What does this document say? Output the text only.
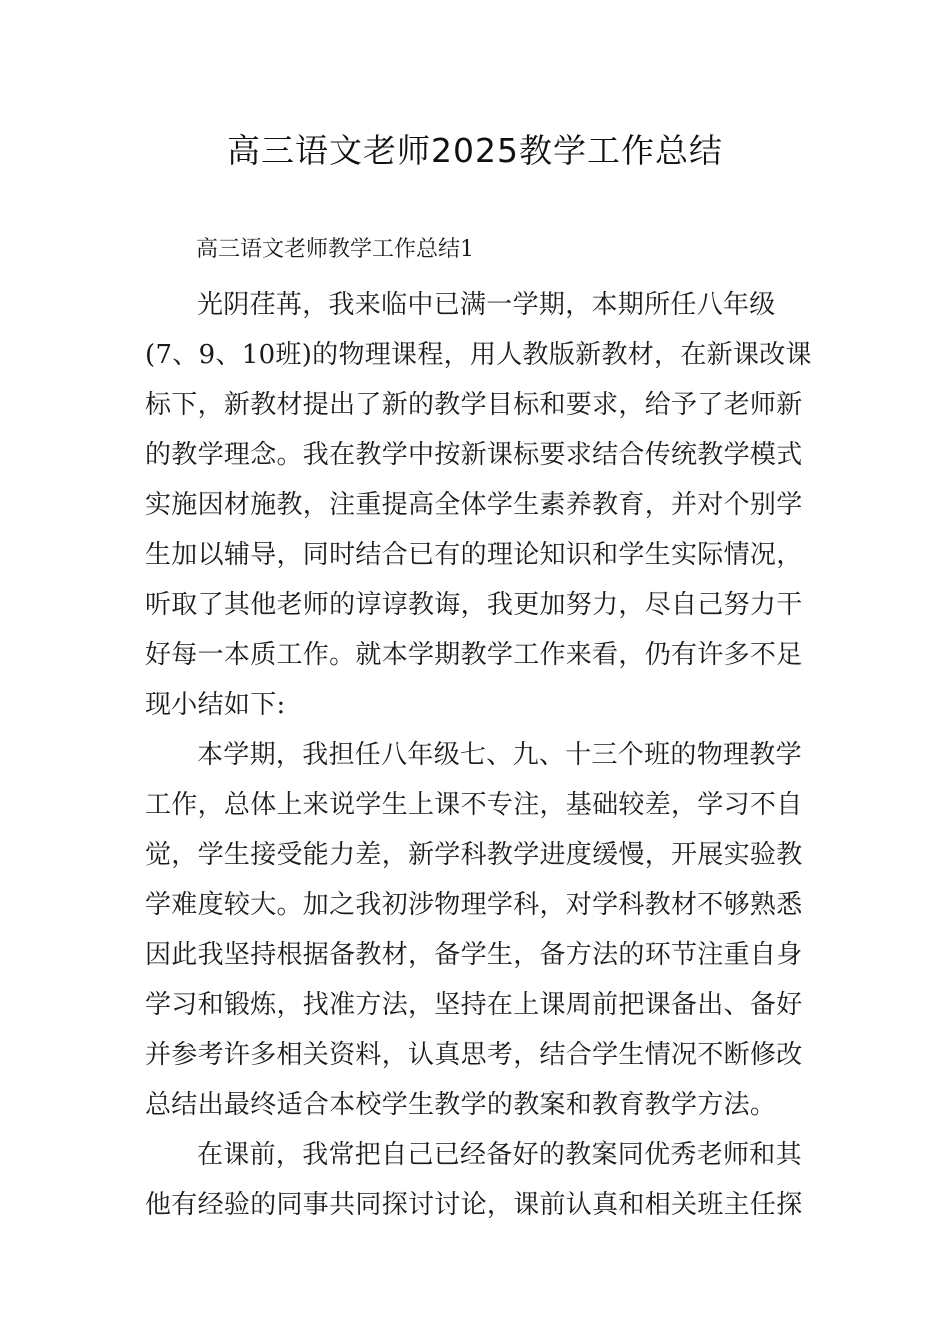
高三语文老师2025教学工作总结

高三语文老师教学工作总结1

光阴荏苒，我来临中已满一学期，本期所任八年级
(7、9、10班)的物理课程，用人教版新教材，在新课改课
标下，新教材提出了新的教学目标和要求，给予了老师新
的教学理念。我在教学中按新课标要求结合传统教学模式
实施因材施教，注重提高全体学生素养教育，并对个别学
生加以辅导，同时结合已有的理论知识和学生实际情况，
听取了其他老师的谆谆教诲，我更加努力，尽自己努力干
好每一本质工作。就本学期教学工作来看，仍有许多不足
现小结如下:

本学期，我担任八年级七、九、十三个班的物理教学
工作，总体上来说学生上课不专注，基础较差，学习不自
觉，学生接受能力差，新学科教学进度缓慢，开展实验教
学难度较大。加之我初涉物理学科，对学科教材不够熟悉
因此我坚持根据备教材，备学生，备方法的环节注重自身
学习和锻炼，找准方法，坚持在上课周前把课备出、备好
并参考许多相关资料，认真思考，结合学生情况不断修改
总结出最终适合本校学生教学的教案和教育教学方法。

在课前，我常把自己已经备好的教案同优秀老师和其
他有经验的同事共同探讨讨论，课前认真和相关班主任探
